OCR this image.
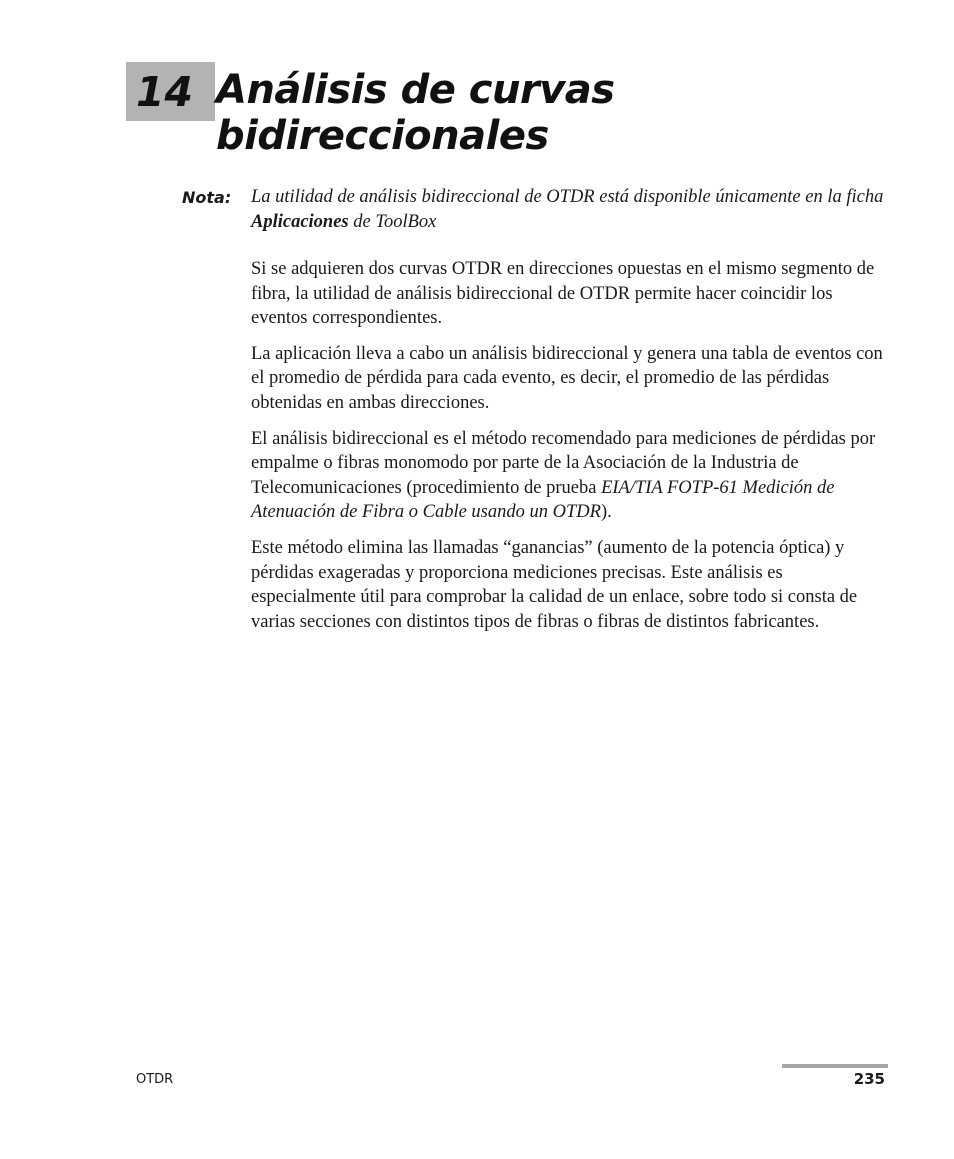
14 Análisis de curvas
bidireccionales
Nota: La utilidad de análisis bidireccional de OTDR está disponible únicamente en la ficha Aplicaciones de ToolBox

Si se adquieren dos curvas OTDR en direcciones opuestas en el mismo segmento de fibra, la utilidad de análisis bidireccional de OTDR permite hacer coincidir los eventos correspondientes.

La aplicación lleva a cabo un análisis bidireccional y genera una tabla de eventos con el promedio de pérdida para cada evento, es decir, el promedio de las pérdidas obtenidas en ambas direcciones.

El análisis bidireccional es el método recomendado para mediciones de pérdidas por empalme o fibras monomodo por parte de la Asociación de la Industria de Telecomunicaciones (procedimiento de prueba EIA/TIA FOTP-61 Medición de Atenuación de Fibra o Cable usando un OTDR).

Este método elimina las llamadas “ganancias” (aumento de la potencia óptica) y pérdidas exageradas y proporciona mediciones precisas. Este análisis es especialmente útil para comprobar la calidad de un enlace, sobre todo si consta de varias secciones con distintos tipos de fibras o fibras de distintos fabricantes.

OTDR	235
